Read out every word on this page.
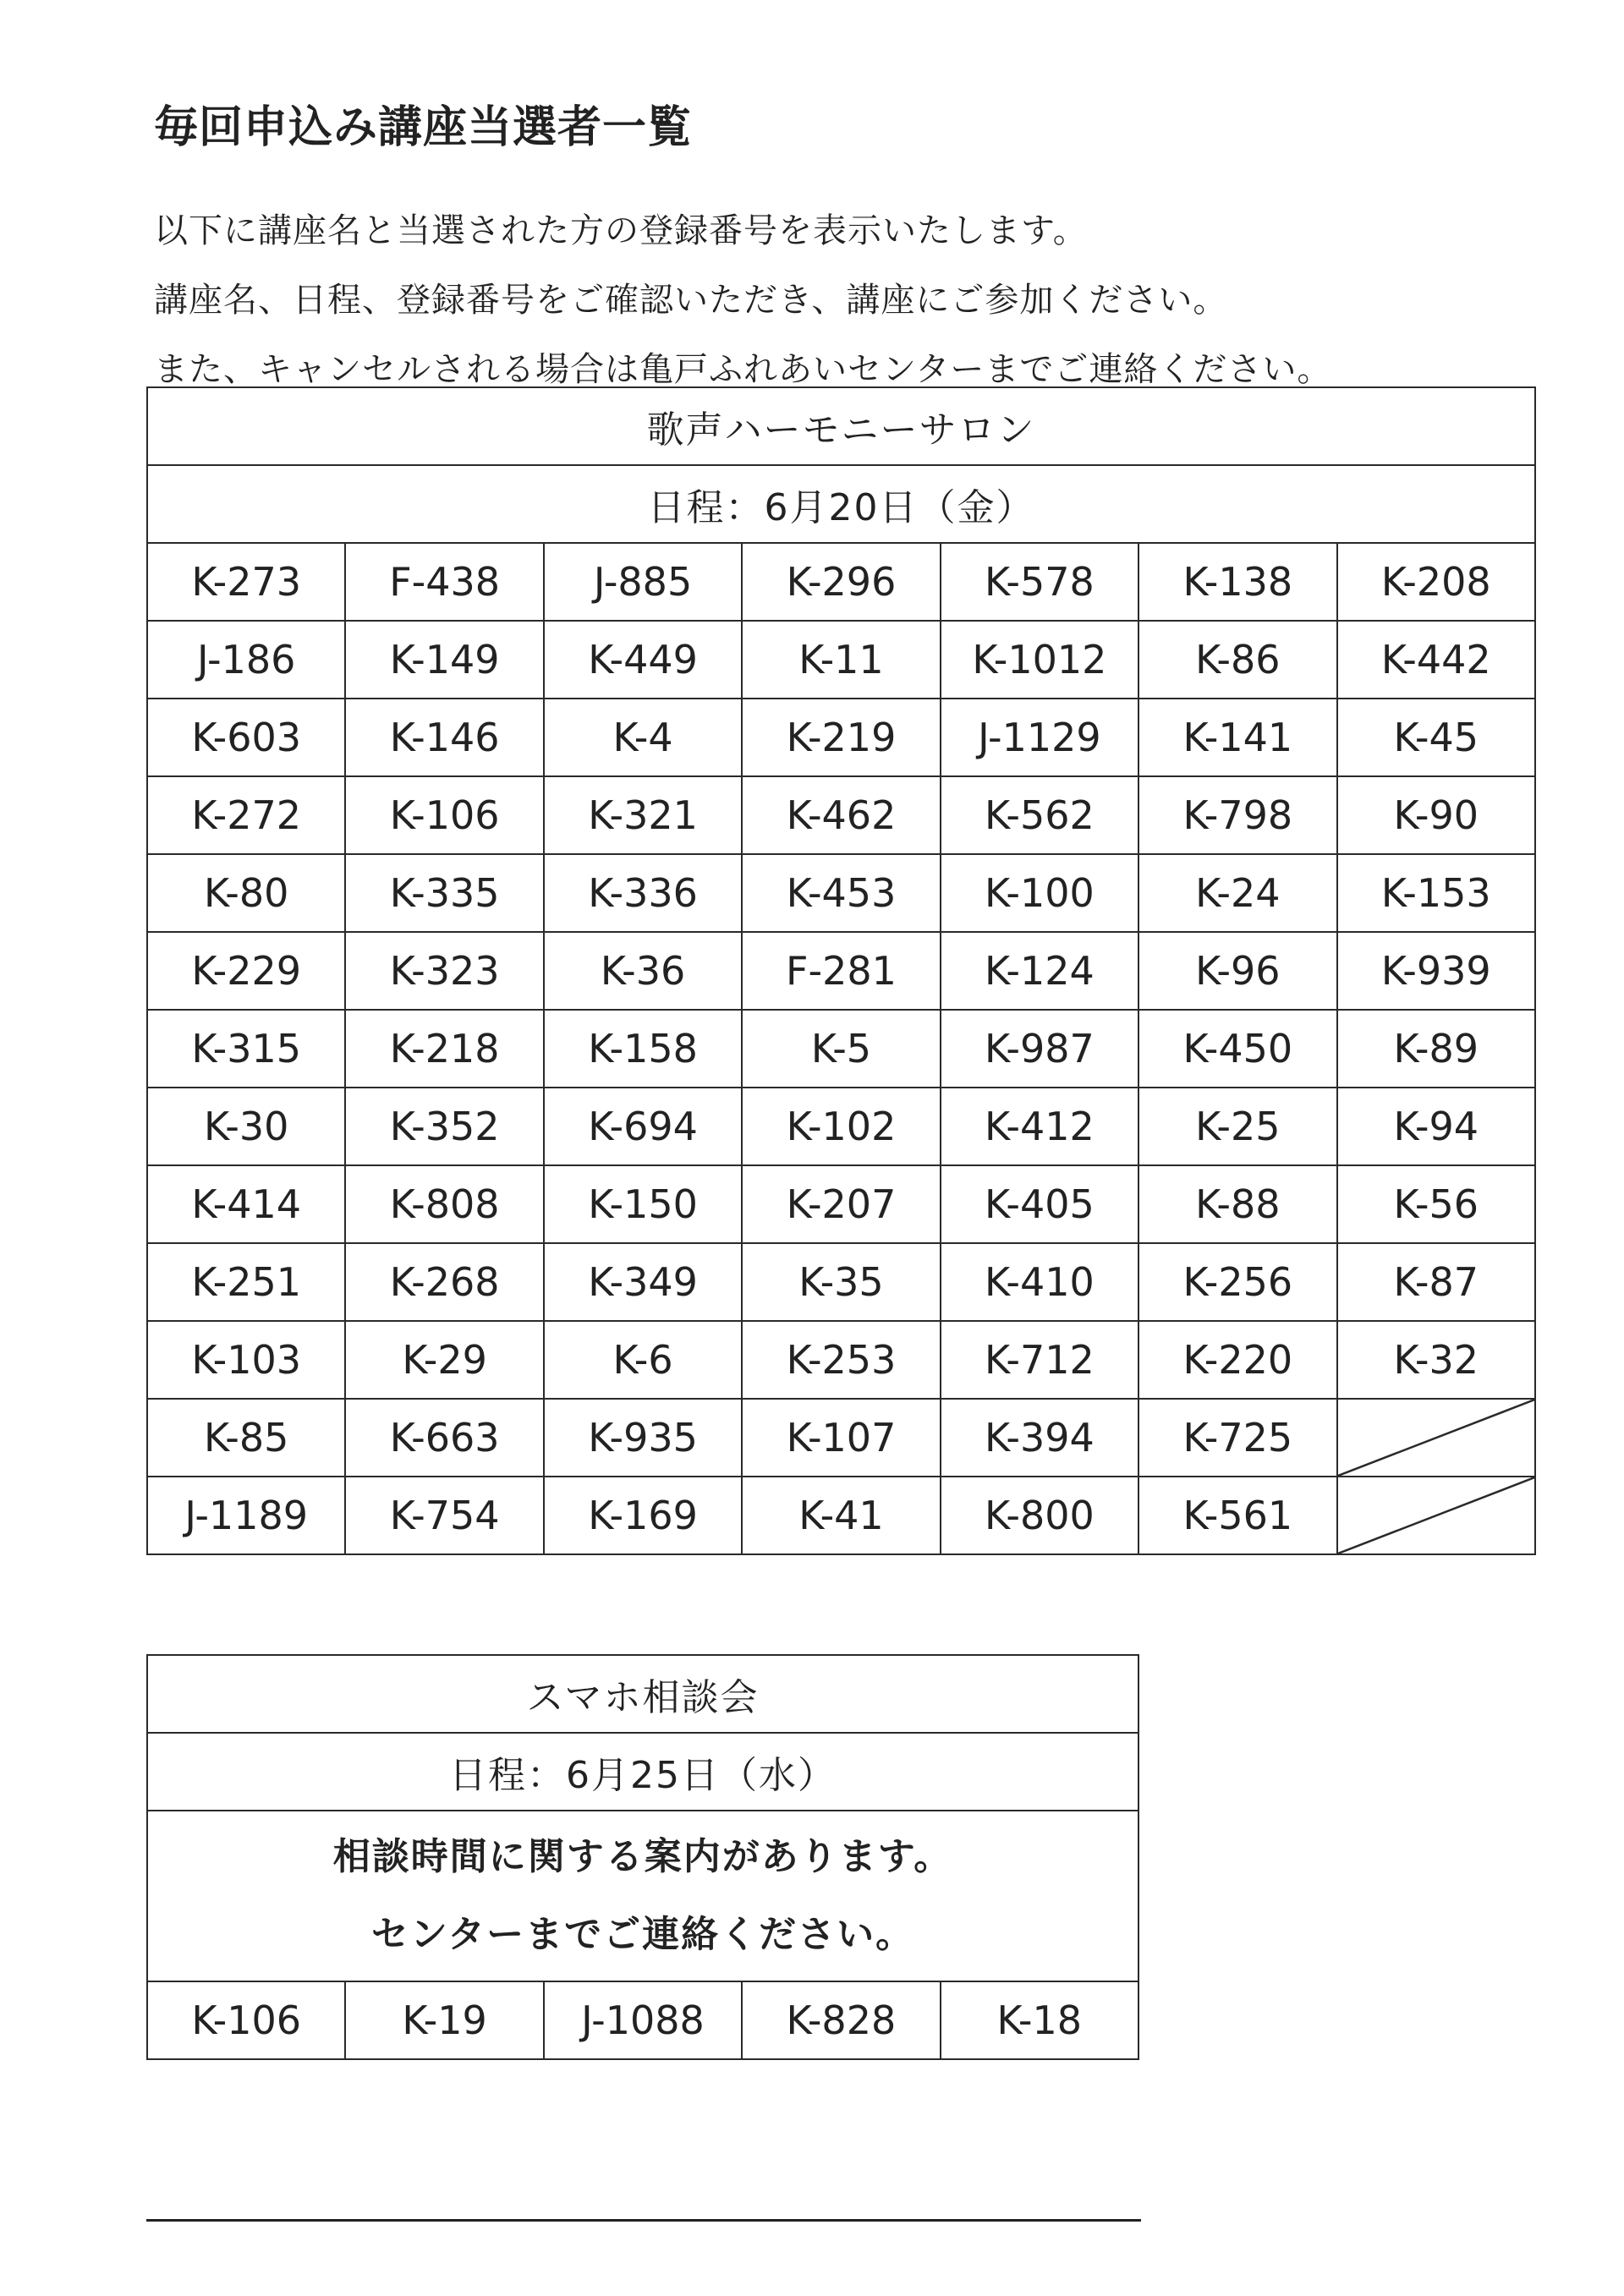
毎回申込み講座当選者一覧
以下に講座名と当選された方の登録番号を表示いたします。
講座名、日程、登録番号をご確認いただき、講座にご参加ください。
また、キャンセルされる場合は亀戸ふれあいセンターまでご連絡ください。
歌声ハーモニーサロン						
日程：6月20日（金）						
K-273	F-438	J-885	K-296	K-578	K-138	K-208
J-186	K-149	K-449	K-11	K-1012	K-86	K-442
K-603	K-146	K-4	K-219	J-1129	K-141	K-45
K-272	K-106	K-321	K-462	K-562	K-798	K-90
K-80	K-335	K-336	K-453	K-100	K-24	K-153
K-229	K-323	K-36	F-281	K-124	K-96	K-939
K-315	K-218	K-158	K-5	K-987	K-450	K-89
K-30	K-352	K-694	K-102	K-412	K-25	K-94
K-414	K-808	K-150	K-207	K-405	K-88	K-56
K-251	K-268	K-349	K-35	K-410	K-256	K-87
K-103	K-29	K-6	K-253	K-712	K-220	K-32
K-85	K-663	K-935	K-107	K-394	K-725	

J-1189	K-754	K-169	K-41	K-800	K-561	
スマホ相談会
日程：6月25日（水）

相談時間に関する案内があります。
センターまでご連絡ください。

K-106	K-19	J-1088	K-828	K-18
